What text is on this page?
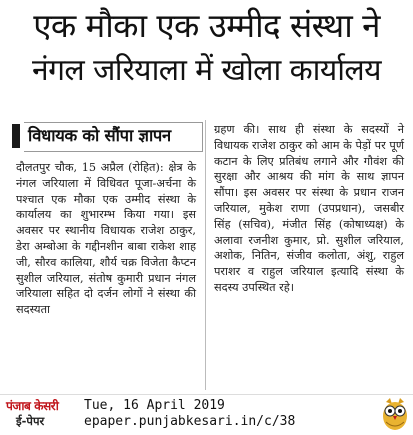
एक मौका एक उम्मीद संस्था ने
नंगल जरियाला में खोला कार्यालय
विधायक को सौंपा ज्ञापन

दौलतपुर चौक, 15 अप्रैल (रोहित): क्षेत्र के नंगल जरियाला में विधिवत पूजा-अर्चना के पश्चात एक मौका एक उम्मीद संस्था के कार्यालय का शुभारम्भ किया गया। इस अवसर पर स्थानीय विधायक राजेश ठाकुर, डेरा अम्बोआ के गद्दीनशीन बाबा राकेश शाह जी, सौरव कालिया, शौर्य चक्र विजेता कैप्टन सुशील जरियाल, संतोष कुमारी प्रधान नंगल जरियाला सहित दो दर्जन लोगों ने संस्था की सदस्यता

ग्रहण की। साथ ही संस्था के सदस्यों ने विधायक राजेश ठाकुर को आम के पेड़ों पर पूर्ण कटान के लिए प्रतिबंध लगाने और गौवंश की सुरक्षा और आश्रय की मांग के साथ ज्ञापन सौंपा। इस अवसर पर संस्था के प्रधान राजन जरियाल, मुकेश राणा (उपप्रधान), जसबीर सिंह (सचिव), मंजीत सिंह (कोषाध्यक्ष) के अलावा रजनीश कुमार, प्रो. सुशील जरियाल, अशोक, नितिन, संजीव कलोता, अंशु, राहुल पराशर व राहुल जरियाल इत्यादि संस्था के सदस्य उपस्थित रहे।

पंजाब केसरी
ई-पेपर
Tue, 16 April 2019
epaper.punjabkesari.in/c/38
